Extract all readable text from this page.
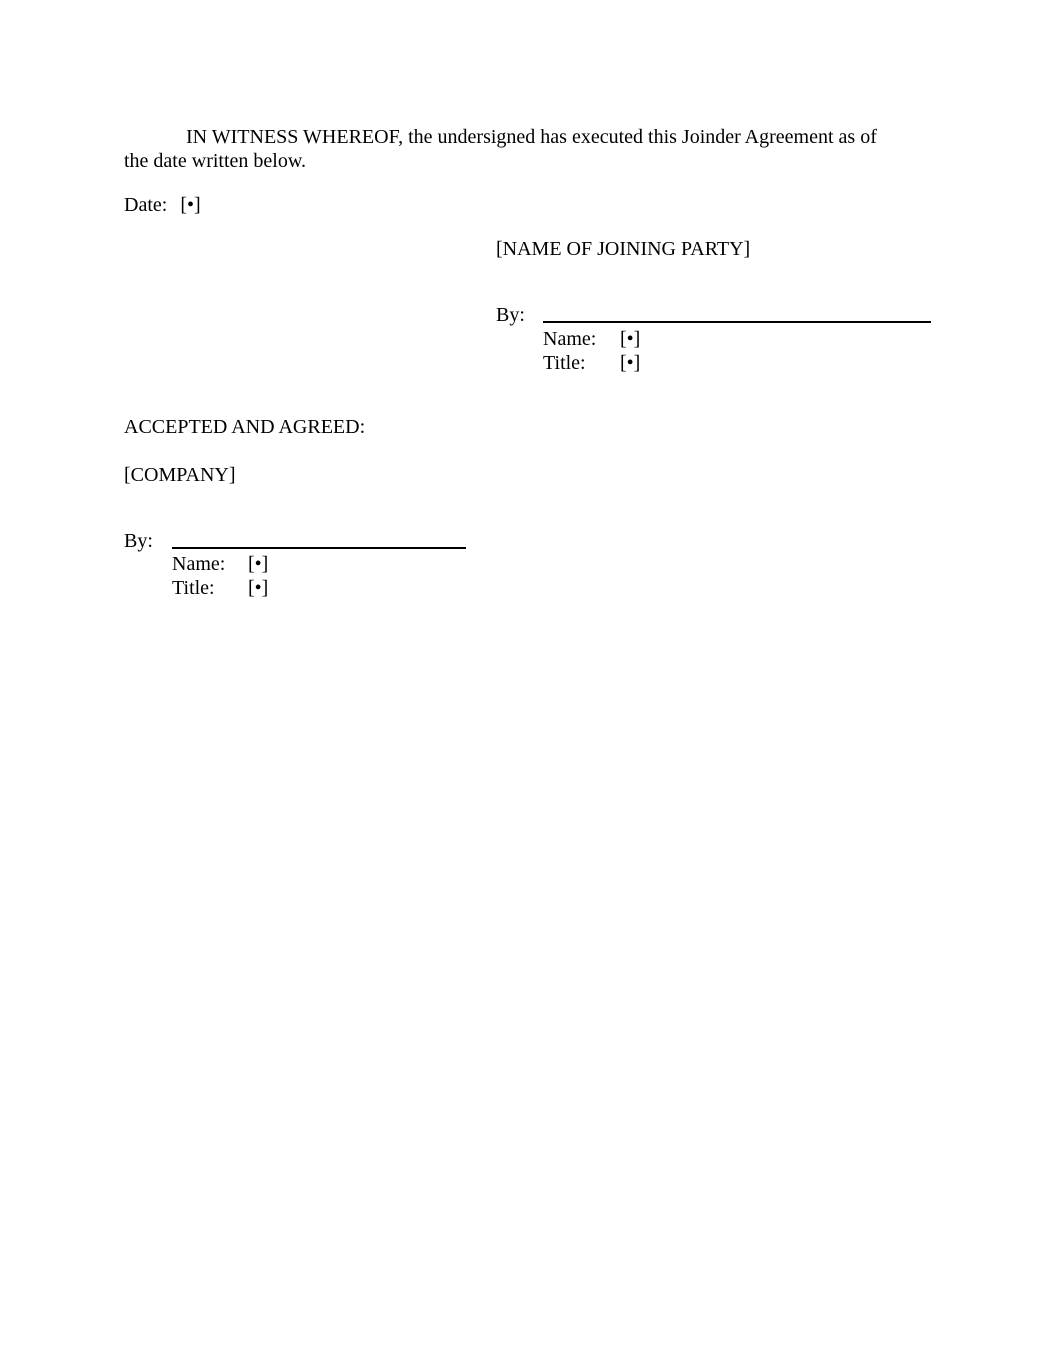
IN WITNESS WHEREOF, the undersigned has executed this Joinder Agreement as of
the date written below.
Date: [•]
[NAME OF JOINING PARTY]
By:
Name: [•]
Title: [•]
ACCEPTED AND AGREED:
[COMPANY]
By:
Name: [•]
Title: [•]
